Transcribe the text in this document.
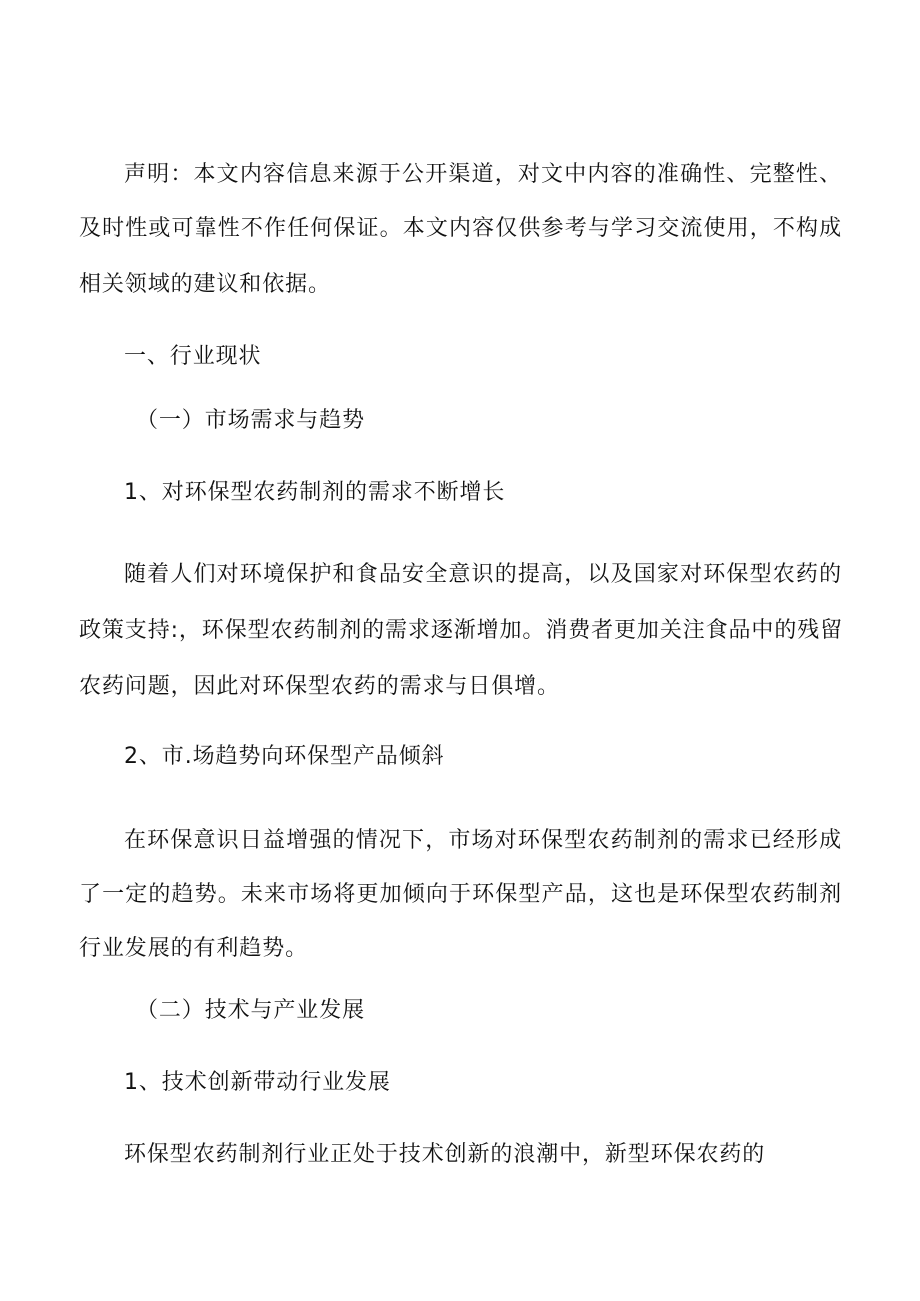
声明：本文内容信息来源于公开渠道，对文中内容的准确性、完整性、
及时性或可靠性不作任何保证。本文内容仅供参考与学习交流使用，不构成
相关领域的建议和依据。
一、行业现状
（一）市场需求与趋势
1、对环保型农药制剂的需求不断增长
随着人们对环境保护和食品安全意识的提高，以及国家对环保型农药的
政策支持:，环保型农药制剂的需求逐渐增加。消费者更加关注食品中的残留
农药问题，因此对环保型农药的需求与日俱增。
2、市.场趋势向环保型产品倾斜
在环保意识日益增强的情况下，市场对环保型农药制剂的需求已经形成
了一定的趋势。未来市场将更加倾向于环保型产品，这也是环保型农药制剂
行业发展的有利趋势。
（二）技术与产业发展
1、技术创新带动行业发展
环保型农药制剂行业正处于技术创新的浪潮中，新型环保农药的
